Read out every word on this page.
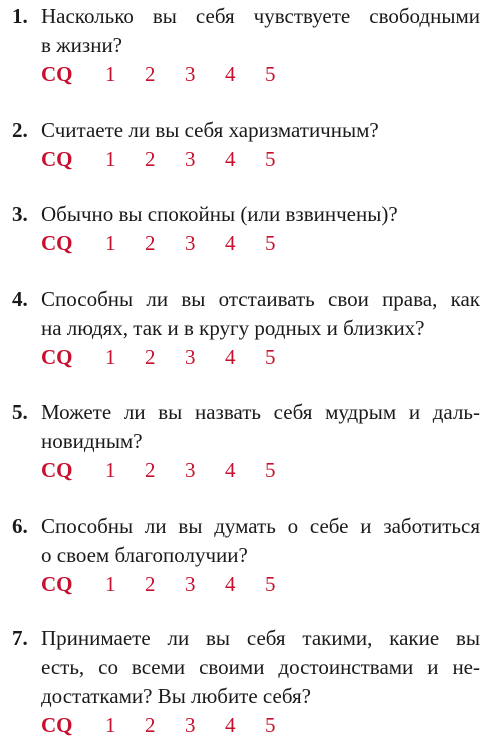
1. Насколько вы себя чувствуете свободными
в жизни?
CQ	1	2	3	4	5
2. Считаете ли вы себя харизматичным?
CQ	1	2	3	4	5
3. Обычно вы спокойны (или взвинчены)?
CQ	1	2	3	4	5
4. Способны ли вы отстаивать свои права, как
на людях, так и в кругу родных и близких?
CQ	1	2	3	4	5
5. Можете ли вы назвать себя мудрым и даль-
новидным?
CQ	1	2	3	4	5
6. Способны ли вы думать о себе и заботиться
о своем благополучии?
CQ	1	2	3	4	5
7. Принимаете ли вы себя такими, какие вы
есть, со всеми своими достоинствами и не-
достатками? Вы любите себя?
CQ	1	2	3	4	5
